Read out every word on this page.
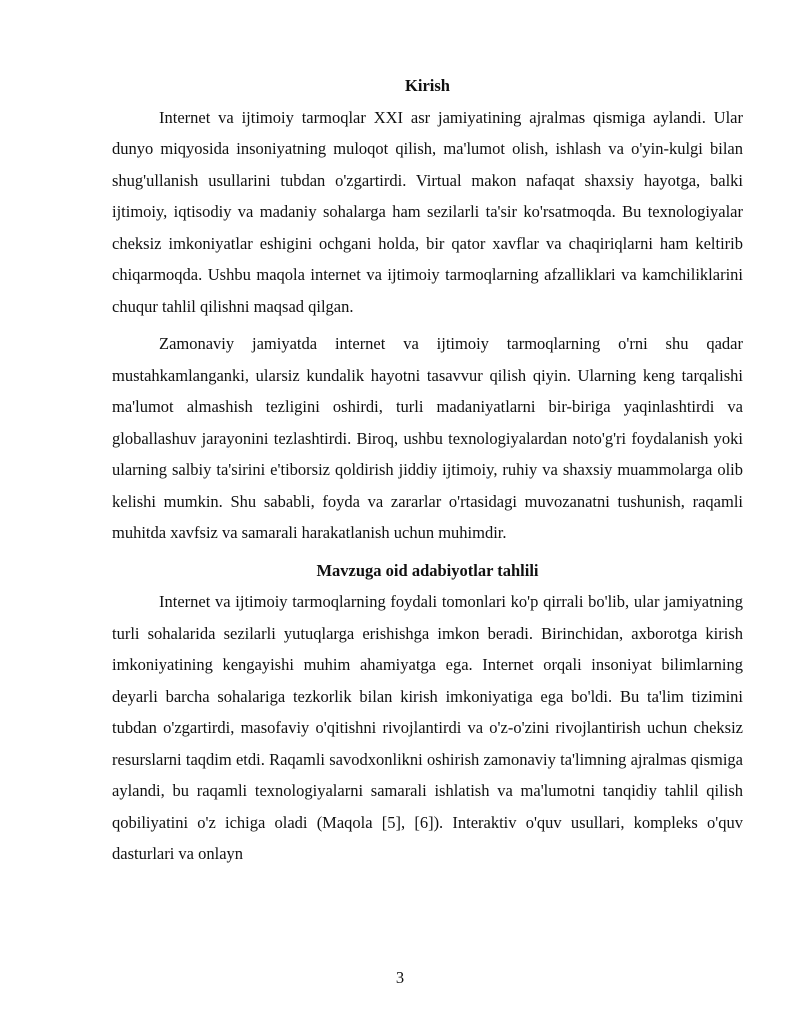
Kirish

Internet va ijtimoiy tarmoqlar XXI asr jamiyatining ajralmas qismiga aylandi. Ular dunyo miqyosida insoniyatning muloqot qilish, ma'lumot olish, ishlash va o'yin-kulgi bilan shug'ullanish usullarini tubdan o'zgartirdi. Virtual makon nafaqat shaxsiy hayotga, balki ijtimoiy, iqtisodiy va madaniy sohalarga ham sezilarli ta'sir ko'rsatmoqda. Bu texnologiyalar cheksiz imkoniyatlar eshigini ochgani holda, bir qator xavflar va chaqiriqlarni ham keltirib chiqarmoqda. Ushbu maqola internet va ijtimoiy tarmoqlarning afzalliklari va kamchiliklarini chuqur tahlil qilishni maqsad qilgan.

Zamonaviy jamiyatda internet va ijtimoiy tarmoqlarning o'rni shu qadar mustahkamlanganki, ularsiz kundalik hayotni tasavvur qilish qiyin. Ularning keng tarqalishi ma'lumot almashish tezligini oshirdi, turli madaniyatlarni bir-biriga yaqinlashtirdi va globallashuv jarayonini tezlashtirdi. Biroq, ushbu texnologiyalardan noto'g'ri foydalanish yoki ularning salbiy ta'sirini e'tiborsiz qoldirish jiddiy ijtimoiy, ruhiy va shaxsiy muammolarga olib kelishi mumkin. Shu sababli, foyda va zararlar o'rtasidagi muvozanatni tushunish, raqamli muhitda xavfsiz va samarali harakatlanish uchun muhimdir.

Mavzuga oid adabiyotlar tahlili

Internet va ijtimoiy tarmoqlarning foydali tomonlari ko'p qirrali bo'lib, ular jamiyatning turli sohalarida sezilarli yutuqlarga erishishga imkon beradi. Birinchidan, axborotga kirish imkoniyatining kengayishi muhim ahamiyatga ega. Internet orqali insoniyat bilimlarning deyarli barcha sohalariga tezkorlik bilan kirish imkoniyatiga ega bo'ldi. Bu ta'lim tizimini tubdan o'zgartirdi, masofaviy o'qitishni rivojlantirdi va o'z-o'zini rivojlantirish uchun cheksiz resurslarni taqdim etdi. Raqamli savodxonlikni oshirish zamonaviy ta'limning ajralmas qismiga aylandi, bu raqamli texnologiyalarni samarali ishlatish va ma'lumotni tanqidiy tahlil qilish qobiliyatini o'z ichiga oladi (Maqola [5], [6]). Interaktiv o'quv usullari, kompleks o'quv dasturlari va onlayn

3
